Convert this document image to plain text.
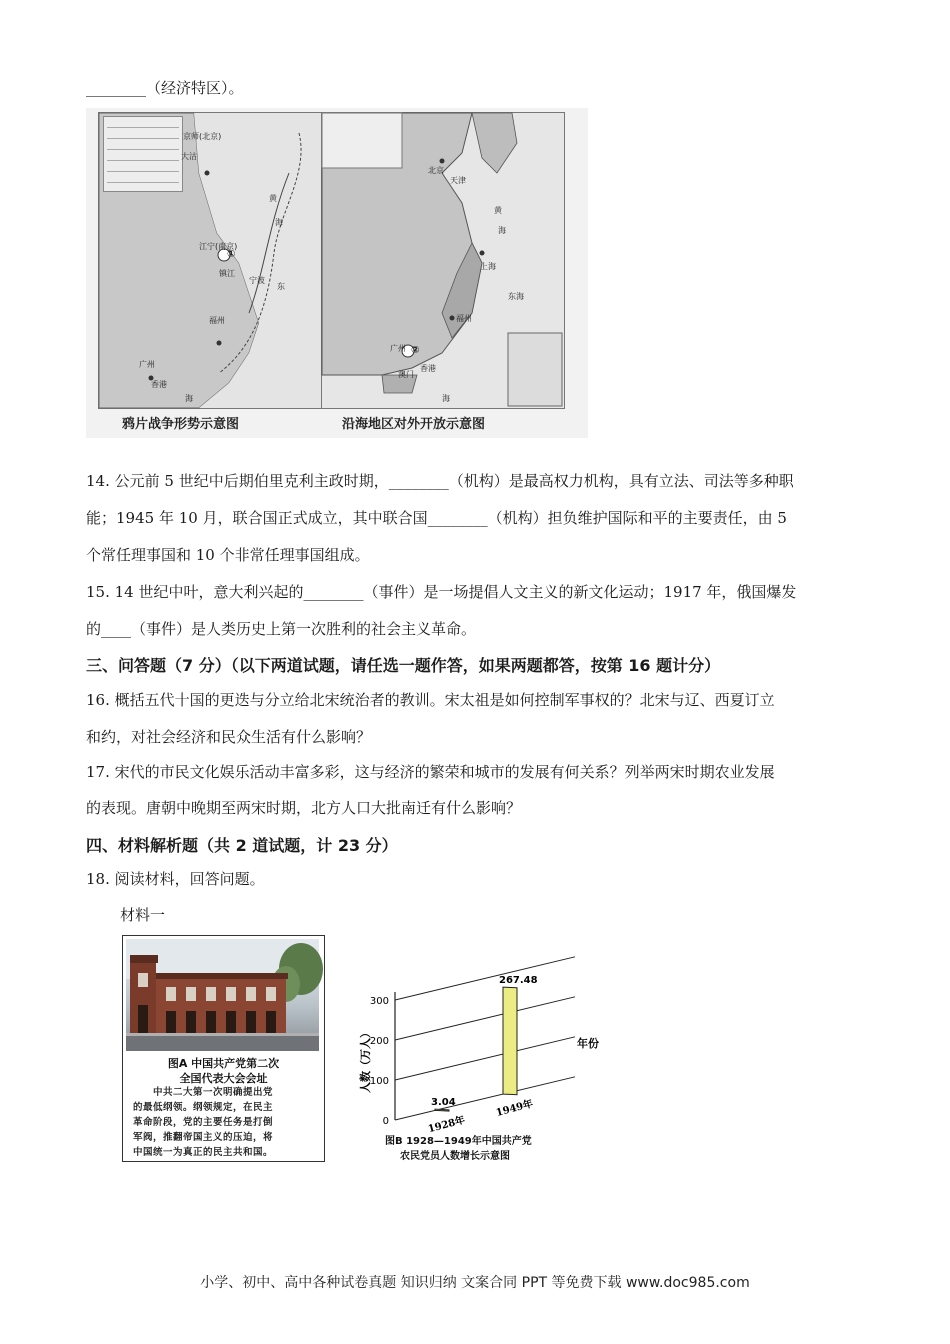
________（经济特区）。
京师(北京)
大沽
黄
海
江宁(南京)
镇江
宁波
东
福州
广州
香港
海
①
鸦片战争形势示意图
北京
天津
黄
海
上海
东海
福州
广州
香港
澳门
海
②
沿海地区对外开放示意图
14. 公元前 5 世纪中后期伯里克利主政时期，________（机构）是最高权力机构，具有立法、司法等多种职
能；1945 年 10 月，联合国正式成立，其中联合国________（机构）担负维护国际和平的主要责任，由 5
个常任理事国和 10 个非常任理事国组成。
15. 14 世纪中叶，意大利兴起的________（事件）是一场提倡人文主义的新文化运动；1917 年，俄国爆发
的____（事件）是人类历史上第一次胜利的社会主义革命。
三、问答题（7 分）（以下两道试题，请任选一题作答，如果两题都答，按第 16 题计分）
16. 概括五代十国的更迭与分立给北宋统治者的教训。宋太祖是如何控制军事权的？北宋与辽、西夏订立
和约，对社会经济和民众生活有什么影响？
17. 宋代的市民文化娱乐活动丰富多彩，这与经济的繁荣和城市的发展有何关系？列举两宋时期农业发展
的表现。唐朝中晚期至两宋时期，北方人口大批南迁有什么影响？
四、材料解析题（共 2 道试题，计 23 分）
18. 阅读材料，回答问题。
材料一
图A 中国共产党第二次
全国代表大会会址
中共二大第一次明确提出党
的最低纲领。纲领规定，在民主
革命阶段，党的主要任务是打倒
军阀，推翻帝国主义的压迫，将
中国统一为真正的民主共和国。
0
100
200
300
人数（万人）	年份
3.04
1928年
267.48
1949年
图B 1928—1949年中国共产党
农民党员人数增长示意图
小学、初中、高中各种试卷真题 知识归纳 文案合同 PPT 等免费下载 www.doc985.com
